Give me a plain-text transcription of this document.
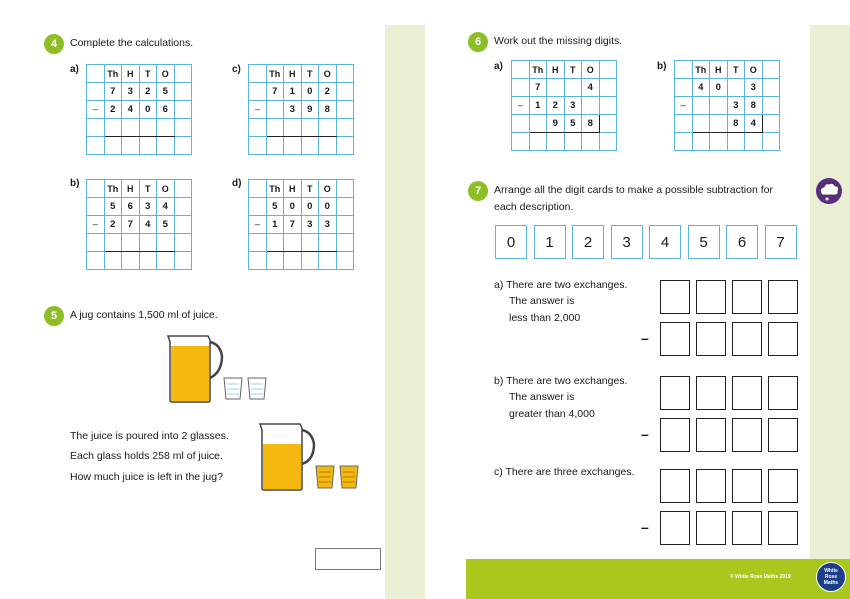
4	Complete the calculations.
a)
		Th	H	T	O	
	7	3	2	5	
–	2	4	0	6	

c)
		Th	H	T	O	
	7	1	0	2	
–		3	9	8	

b)
		Th	H	T	O	
	5	6	3	4	
–	2	7	4	5	

d)
		Th	H	T	O	
	5	0	0	0	
–	1	7	3	3	

5	A jug contains 1,500 ml of juice.
The juice is poured into 2 glasses.
Each glass holds 258 ml of juice.
How much juice is left in the jug?
6	Work out the missing digits.
a)
		Th	H	T	O	
	7			4	
–	1	2	3		
		9	5	8	

b)
		Th	H	T	O	
	4	0		3	
–			3	8	
			8	4	

7	Arrange all the digit cards to make a possible subtraction for
each description.
0	1	2	3	4	5	6	7
a) There are two exchanges.
The answer is
less than 2,000
b) There are two exchanges.
The answer is
greater than 4,000
c) There are three exchanges.
–
–
–
© White Rose Maths 2019
White
Rose
Maths
